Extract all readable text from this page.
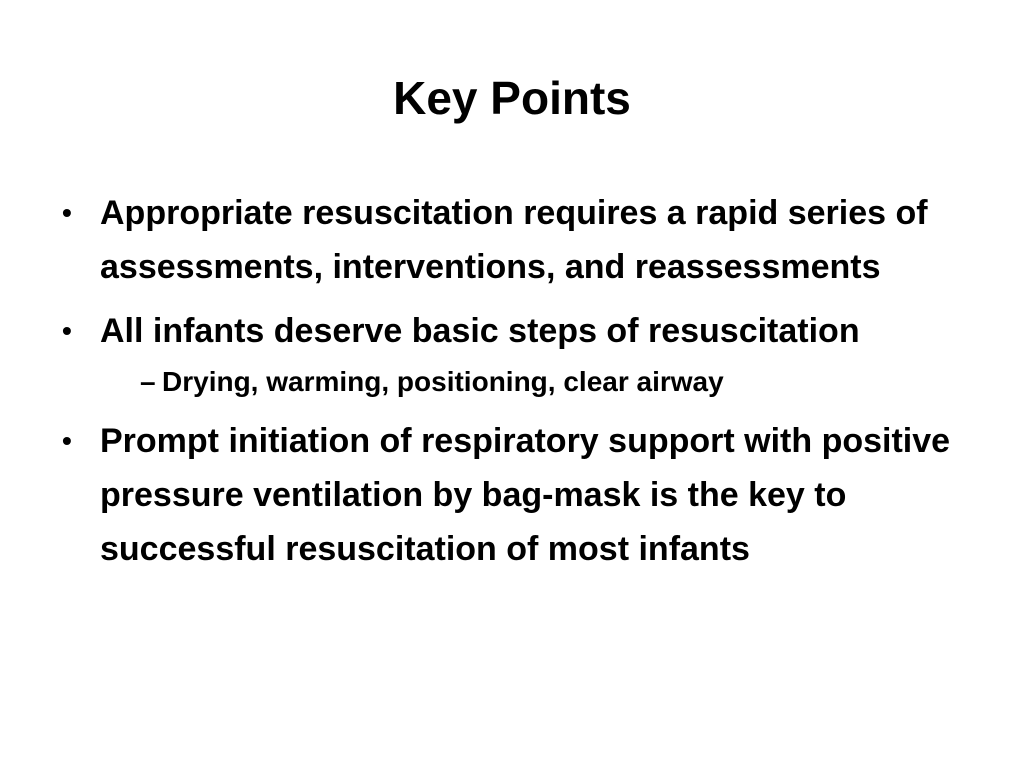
Key Points
• Appropriate resuscitation requires a rapid series of assessments, interventions, and reassessments
• All infants deserve basic steps of resuscitation
– Drying, warming, positioning, clear airway
• Prompt initiation of respiratory support with positive pressure ventilation by bag-mask is the key to successful resuscitation of most infants
